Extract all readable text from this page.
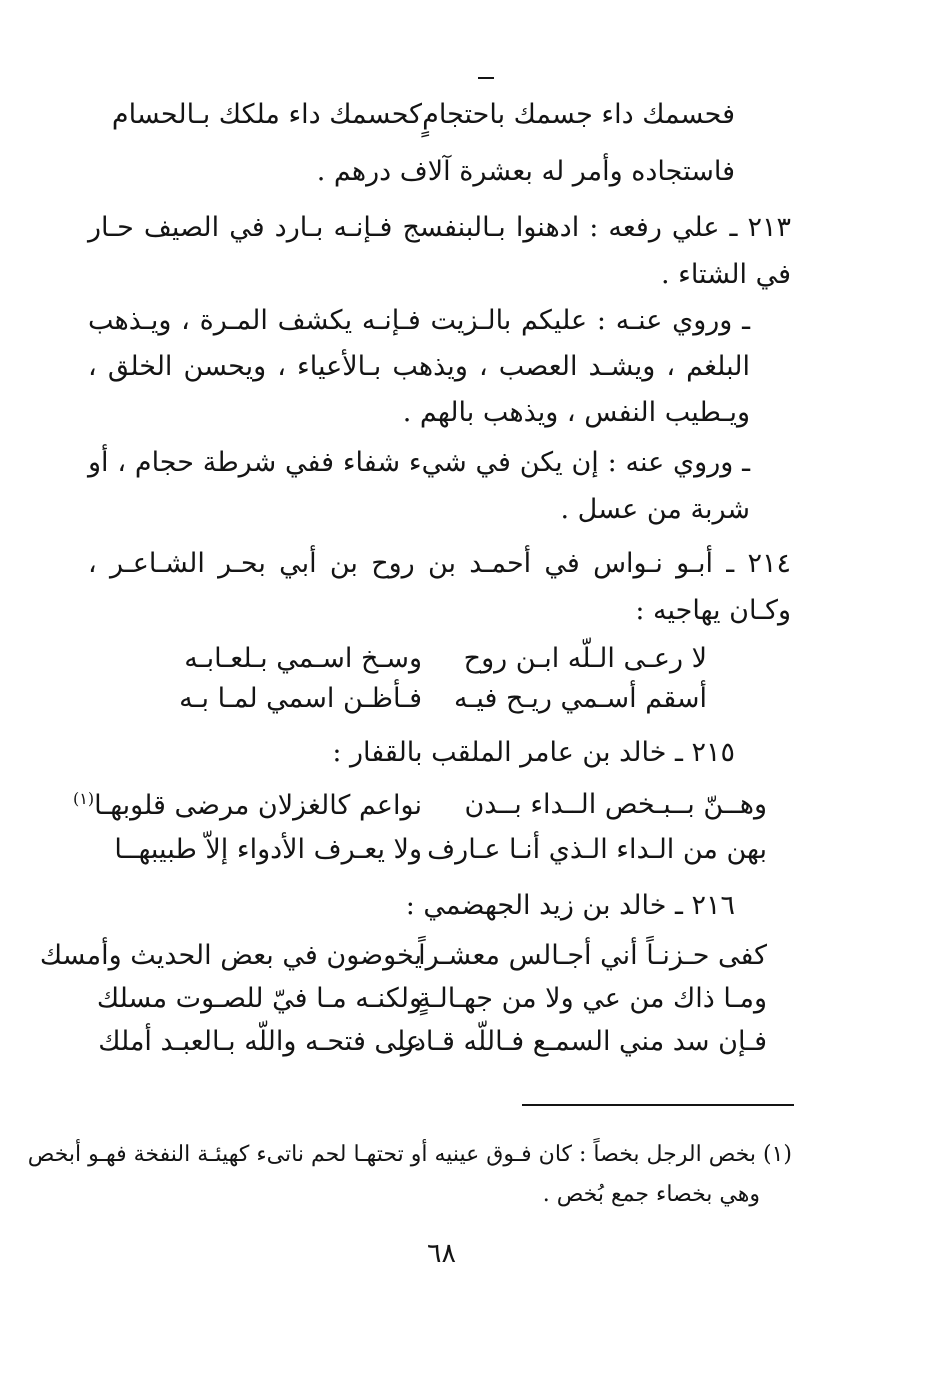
فحسمك داء جسمك باحتجامٍ
كحسمك داء ملكك بـالحسام
فاستجاده وأمر له بعشرة آلاف درهم .
٢١٣ ـ علي رفعه : ادهنوا بـالبنفسج فـإنـه بـارد في الصيف حـار في الشتاء .
ـ وروي عنـه : عليكم بالـزيت فـإنـه يكشف المـرة ، ويـذهب البلغم ، ويشـد العصب ، ويذهب بـالأعياء ، ويحسن الخلق ، ويـطيب النفس ، ويذهب بالهم .
ـ وروي عنه : إن يكن في شيء شفاء ففي شرطة حجام ، أو شربة من عسل .
٢١٤ ـ أبـو نـواس في أحمـد بن روح بن أبي بحـر الشـاعـر ، وكـان يهاجيه :
لا رعـى الـلّه ابـن روح
وسـخ اسـمي بـلعـابـه
أسقم أسـمي ريـح فيـه
فـأظـن اسمي لمـا بـه
٢١٥ ـ خالد بن عامر الملقب بالقفار :
وهــنّ بــبـخص الــداء بــدن
نواعم كالغزلان مرضى قلوبهـا$^{(١)}$
بهن من الـداء الـذي أنـا عـارف
ولا يعـرف الأدواء إلاّ طبيبهــا
٢١٦ ـ خالد بن زيد الجهضمي :
كفى حـزنـاً أني أجـالس معشـراً
يخوضون في بعض الحديث وأمسك
ومـا ذاك من عي ولا من جهـالـةٍ
ولكنـه مـا فيّ للصـوت مسلك
فـإن سد مني السمـع فـاللّه قـادر
على فتحـه واللّه بـالعبـد أملك
(١) بخص الرجل بخصاً : كان فـوق عينيه أو تحتهـا لحم ناتىء كهيئـة النفخة فهـو أبخص
وهي بخصاء جمع بُخص .
٦٨
